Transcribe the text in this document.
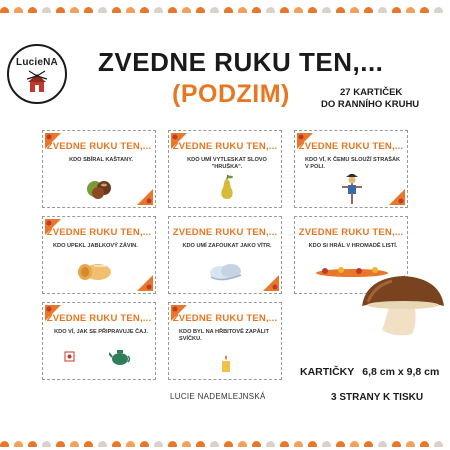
LucieNA ZVEDNE RUKU TEN,...
(PODZIM)	27 KARTIČEK
DO RANNÍHO KRUHU
ZVEDNE RUKU TEN,...
KDO SBÍRAL KAŠTANY.
ZVEDNE RUKU TEN,...
KDO UMÍ VYTLESKAT SLOVO "HRUŠKA".
ZVEDNE RUKU TEN,...
KDO VÍ, K ČEMU SLOUŽÍ STRAŠÁK V POLI.
ZVEDNE RUKU TEN,...
KDO UPEKL JABLKOVÝ ZÁVIN.
ZVEDNE RUKU TEN,...
KDO UMÍ ZAFOUKAT JAKO VÍTR.
ZVEDNE RUKU TEN,...
KDO SI HRÁL V HROMADĚ LISTÍ.
ZVEDNE RUKU TEN,...
KDO VÍ, JAK SE PŘIPRAVUJE ČAJ.
ZVEDNE RUKU TEN,...
KDO BYL NA HŘBITOVĚ ZAPÁLIT SVÍČKU.
KARTIČKY 6,8 cm x 9,8 cm
3 STRANY K TISKU
LUCIE NADEMLEJNSKÁ
